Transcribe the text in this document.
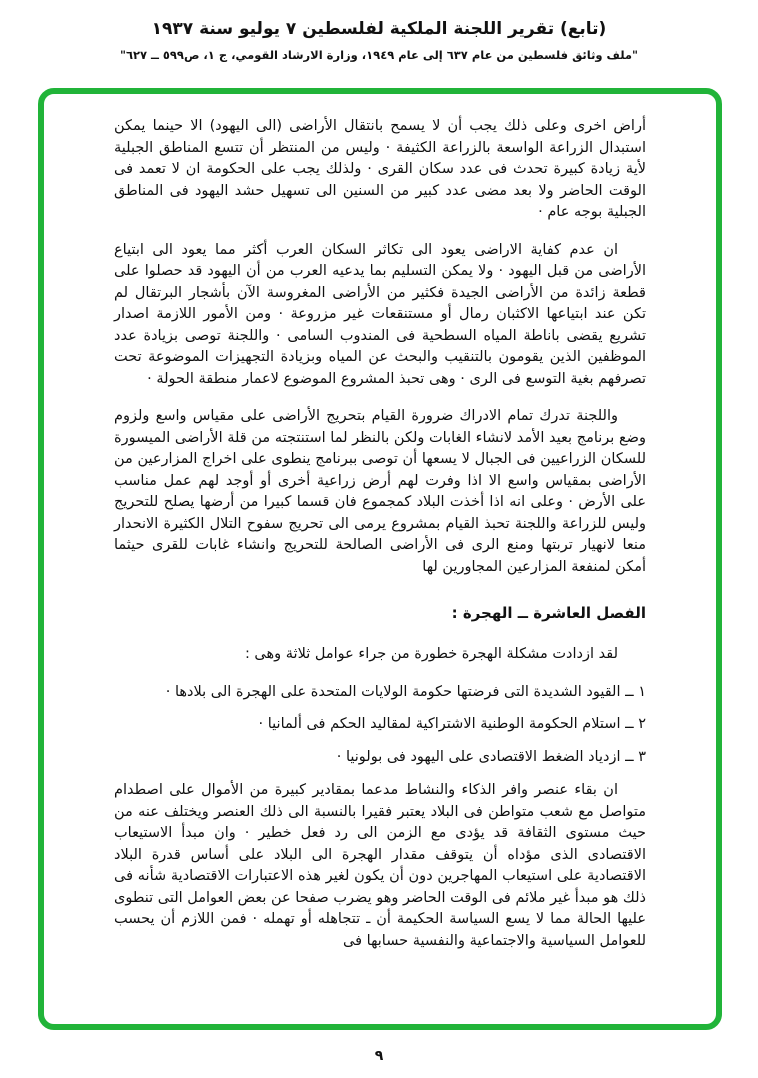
(تابع) تقرير اللجنة الملكية لفلسطين ٧ يوليو سنة ١٩٣٧
"ملف وثائق فلسطين من عام ٦٣٧ إلى عام ١٩٤٩، وزارة الارشاد القومي، ج ١، ص٥٩٩ ــ ٦٢٧"

أراض اخرى وعلى ذلك يجب أن لا يسمح بانتقال الأراضى (الى اليهود) الا حينما يمكن استبدال الزراعة الواسعة بالزراعة الكثيفة · وليس من المنتظر أن تتسع المناطق الجبلية لأية زيادة كبيرة تحدث فى عدد سكان القرى · ولذلك يجب على الحكومة ان لا تعمد فى الوقت الحاضر ولا بعد مضى عدد كبير من السنين الى تسهيل حشد اليهود فى المناطق الجبلية بوجه عام ·

ان عدم كفاية الاراضى يعود الى تكاثر السكان العرب أكثر مما يعود الى ابتياع الأراضى من قبل اليهود · ولا يمكن التسليم بما يدعيه العرب من أن اليهود قد حصلوا على قطعة زائدة من الأراضى الجيدة فكثير من الأراضى المغروسة الآن بأشجار البرتقال لم تكن عند ابتياعها الاكثبان رمال أو مستنقعات غير مزروعة · ومن الأمور اللازمة اصدار تشريع يقضى باناطة المياه السطحية فى المندوب السامى · واللجنة توصى بزيادة عدد الموظفين الذين يقومون بالتنقيب والبحث عن المياه وبزيادة التجهيزات الموضوعة تحت تصرفهم بغية التوسع فى الرى · وهى تحبذ المشروع الموضوع لاعمار منطقة الحولة ·

واللجنة تدرك تمام الادراك ضرورة القيام بتحريج الأراضى على مقياس واسع ولزوم وضع برنامج بعيد الأمد لانشاء الغابات ولكن بالنظر لما استنتجته من قلة الأراضى الميسورة للسكان الزراعيين فى الجبال لا يسعها أن توصى ببرنامج ينطوى على اخراج المزارعين من الأراضى بمقياس واسع الا اذا وفرت لهم أرض زراعية أخرى أو أوجد لهم عمل مناسب على الأرض · وعلى انه اذا أخذت البلاد كمجموع فان قسما كبيرا من أرضها يصلح للتحريج وليس للزراعة واللجنة تحبذ القيام بمشروع يرمى الى تحريج سفوح التلال الكثيرة الانحدار منعا لانهيار تربتها ومنع الرى فى الأراضى الصالحة للتحريج وانشاء غابات للقرى حيثما أمكن لمنفعة المزارعين المجاورين لها

الفصل العاشرة ــ الهجرة :
لقد ازدادت مشكلة الهجرة خطورة من جراء عوامل ثلاثة وهى :
١ ــ القيود الشديدة التى فرضتها حكومة الولايات المتحدة على الهجرة الى بلادها ·
٢ ــ استلام الحكومة الوطنية الاشتراكية لمقاليد الحكم فى ألمانيا ·
٣ ــ ازدياد الضغط الاقتصادى على اليهود فى بولونيا ·

ان بقاء عنصر وافر الذكاء والنشاط مدعما بمقادير كبيرة من الأموال على اصطدام متواصل مع شعب متواطن فى البلاد يعتبر فقيرا بالنسبة الى ذلك العنصر ويختلف عنه من حيث مستوى الثقافة قد يؤدى مع الزمن الى رد فعل خطير · وان مبدأ الاستيعاب الاقتصادى الذى مؤداه أن يتوقف مقدار الهجرة الى البلاد على أساس قدرة البلاد الاقتصادية على استيعاب المهاجرين دون أن يكون لغير هذه الاعتبارات الاقتصادية شأنه فى ذلك هو مبدأ غير ملائم فى الوقت الحاضر وهو يضرب صفحا عن بعض العوامل التى تنطوى عليها الحالة مما لا يسع السياسة الحكيمة أن ـ تتجاهله أو تهمله · فمن اللازم أن يحسب للعوامل السياسية والاجتماعية والنفسية حسابها فى

٩
